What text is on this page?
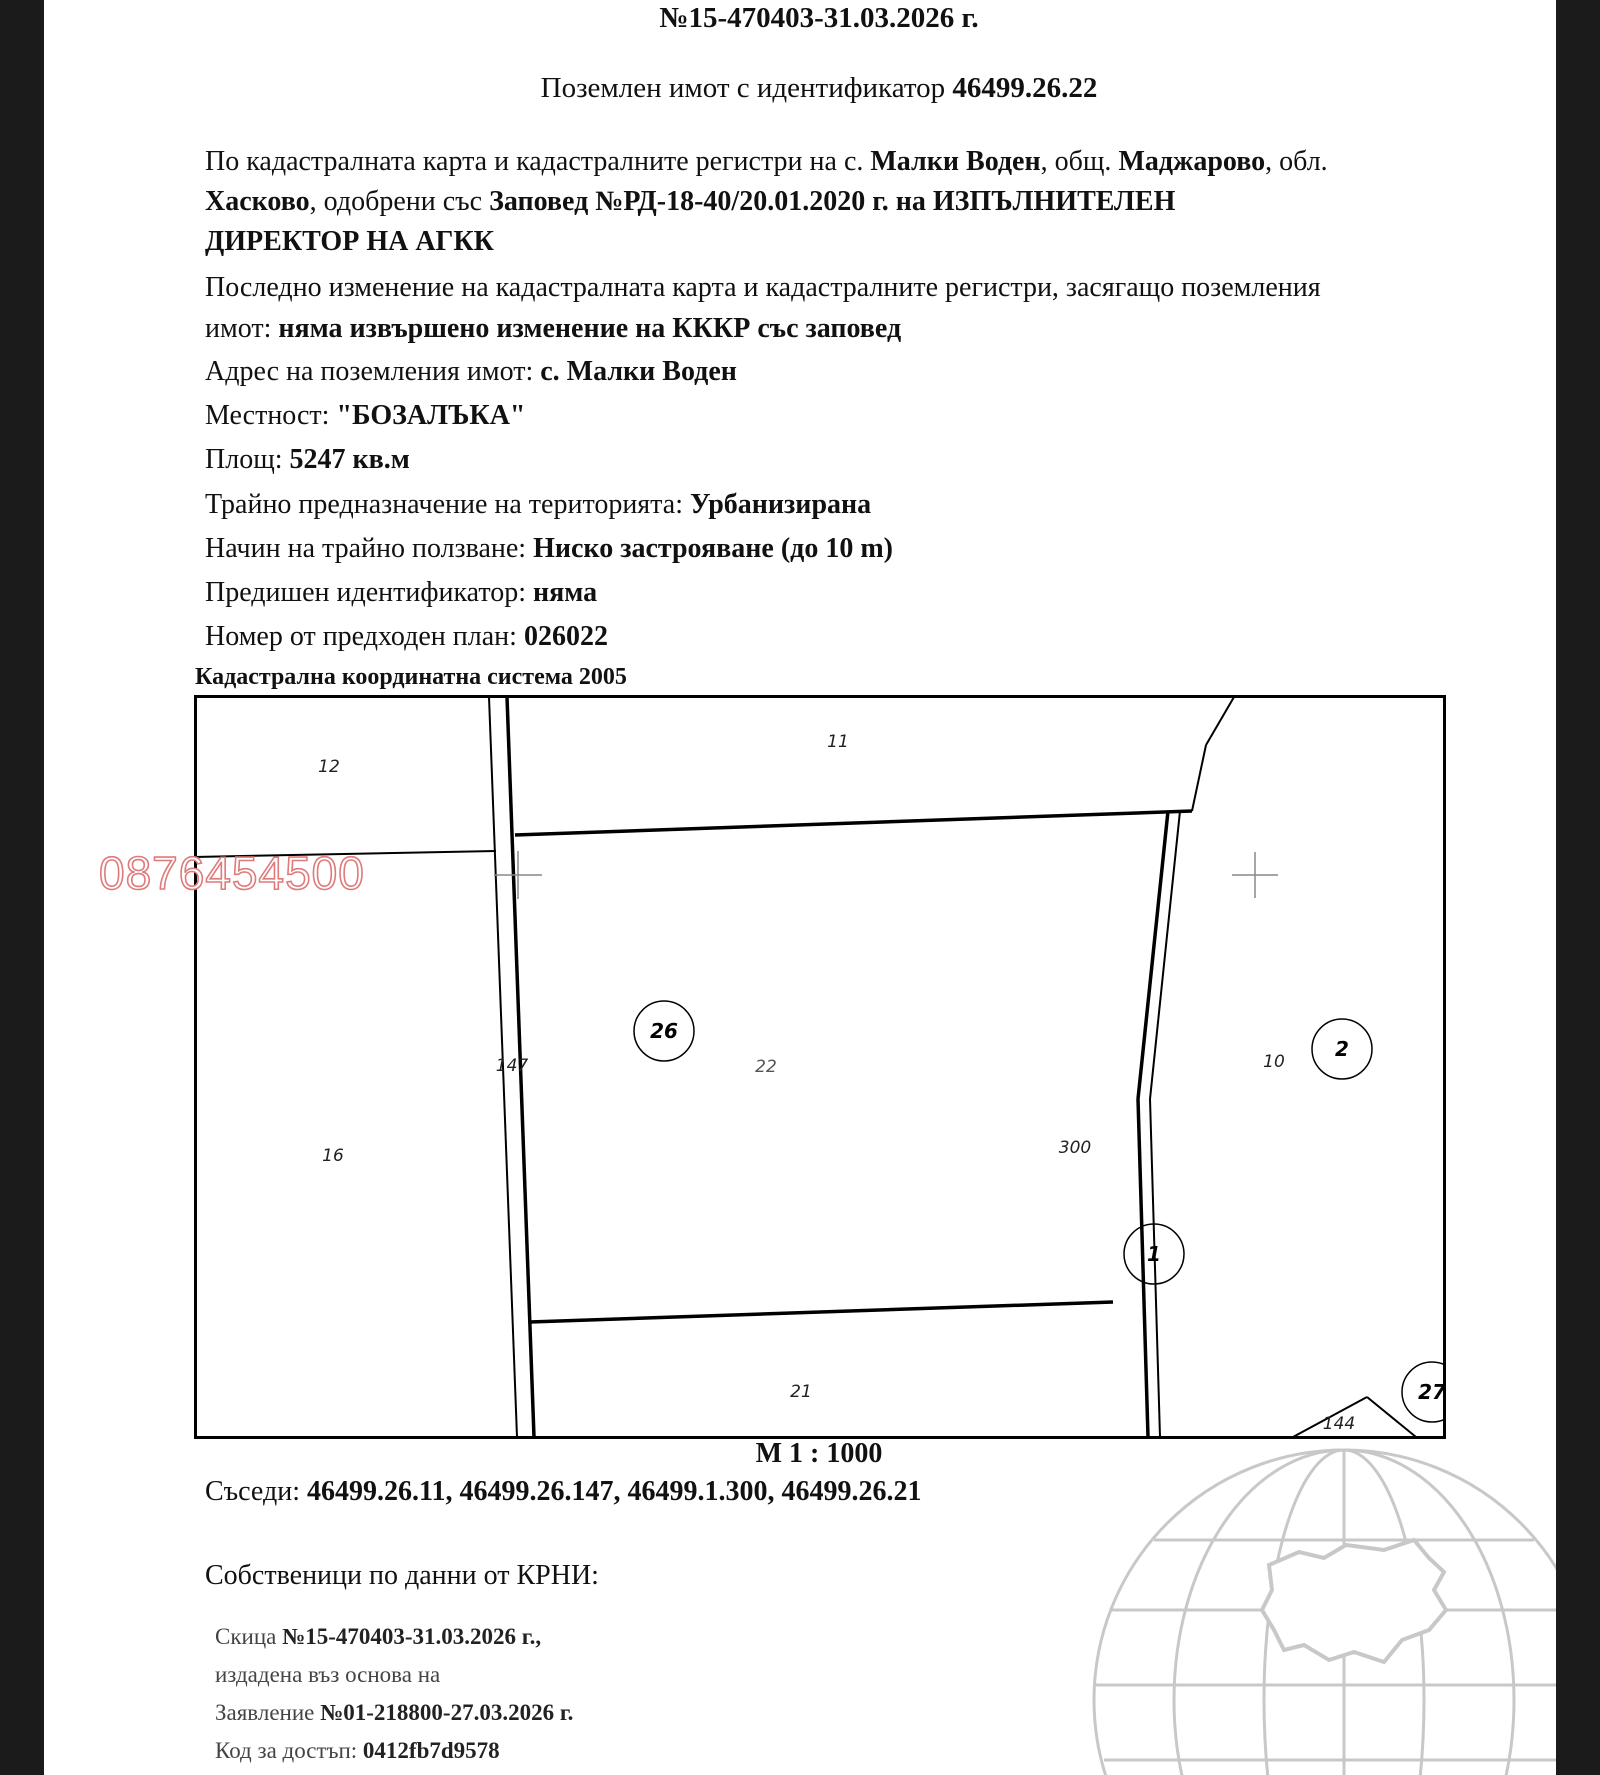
№15-470403-31.03.2026 г.

Поземлен имот с идентификатор 46499.26.22

По кадастралната карта и кадастралните регистри на с. Малки Воден, общ. Маджарово, обл.

Хасково, одобрени със Заповед №РД-18-40/20.01.2020 г. на ИЗПЪЛНИТЕЛЕН

ДИРЕКТОР НА АГКК

Последно изменение на кадастралната карта и кадастралните регистри, засягащо поземления

имот: няма извършено изменение на КККР със заповед

Адрес на поземления имот: с. Малки Воден

Местност: "БОЗАЛЪКА"

Площ: 5247 кв.м

Трайно предназначение на територията: Урбанизирана

Начин на трайно ползване: Ниско застрояване (до 10 m)

Предишен идентификатор: няма

Номер от предходен план: 026022

Кадастрална координатна система 2005

12
11
16
147	22	10
300
21
144
26
2
1
27
0876454500

М 1 : 1000

Съседи: 46499.26.11, 46499.26.147, 46499.1.300, 46499.26.21

Собственици по данни от КРНИ:

Скица №15-470403-31.03.2026 г.,

издадена въз основа на

Заявление №01-218800-27.03.2026 г.

Код за достъп: 0412fb7d9578
